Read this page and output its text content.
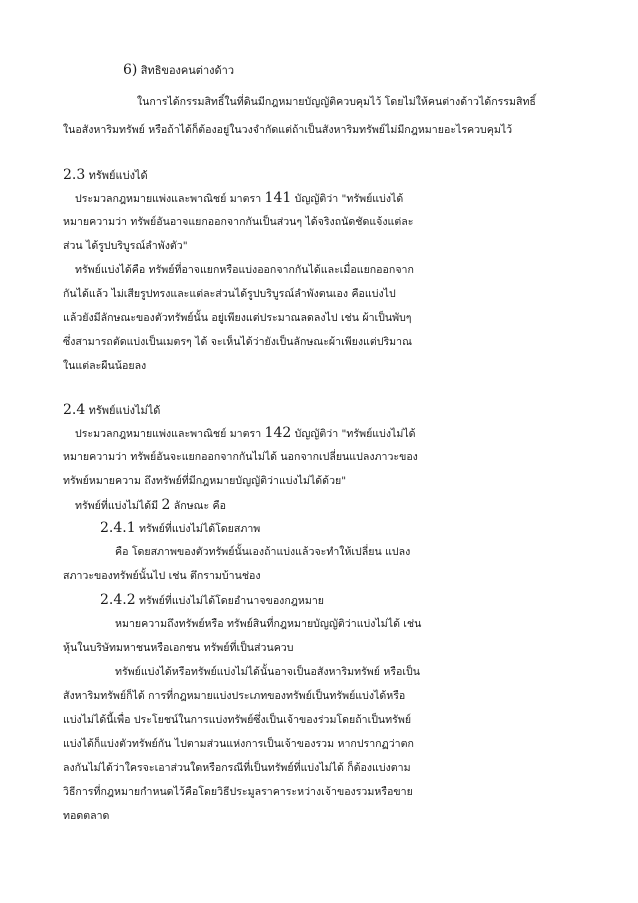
6) สิทธิของคนต่างด้าว
ในการได้กรรมสิทธิ์ในที่ดินมีกฎหมายบัญญัติควบคุมไว้ โดยไม่ให้คนต่างด้าวได้กรรมสิทธิ์
ในอสังหาริมทรัพย์ หรือถ้าได้ก็ต้องอยู่ในวงจำกัดแต่ถ้าเป็นสังหาริมทรัพย์ไม่มีกฎหมายอะไรควบคุมไว้
2.3 ทรัพย์แบ่งได้
ประมวลกฎหมายแพ่งและพาณิชย์ มาตรา 141 บัญญัติว่า "ทรัพย์แบ่งได้
หมายความว่า ทรัพย์อันอาจแยกออกจากกันเป็นส่วนๆ ได้จริงถนัดชัดแจ้งแต่ละ
ส่วน ได้รูปบริบูรณ์ลำพังตัว"
ทรัพย์แบ่งได้คือ ทรัพย์ที่อาจแยกหรือแบ่งออกจากกันได้และเมื่อแยกออกจาก
กันได้แล้ว ไม่เสียรูปทรงและแต่ละส่วนได้รูปบริบูรณ์ลำพังตนเอง คือแบ่งไป
แล้วยังมีลักษณะของตัวทรัพย์นั้น อยู่เพียงแต่ประมาณลดลงไป เช่น ผ้าเป็นพับๆ
ซึ่งสามารถตัดแบ่งเป็นเมตรๆ ได้ จะเห็นได้ว่ายังเป็นลักษณะผ้าเพียงแต่ปริมาณ
ในแต่ละผืนน้อยลง
2.4 ทรัพย์แบ่งไม่ได้
ประมวลกฎหมายแพ่งและพาณิชย์ มาตรา 142 บัญญัติว่า "ทรัพย์แบ่งไม่ได้
หมายความว่า ทรัพย์อันจะแยกออกจากกันไม่ได้ นอกจากเปลี่ยนแปลงภาวะของ
ทรัพย์หมายความ ถึงทรัพย์ที่มีกฎหมายบัญญัติว่าแบ่งไม่ได้ด้วย"
ทรัพย์ที่แบ่งไม่ได้มี 2 ลักษณะ คือ
2.4.1 ทรัพย์ที่แบ่งไม่ได้โดยสภาพ
คือ โดยสภาพของตัวทรัพย์นั้นเองถ้าแบ่งแล้วจะทำให้เปลี่ยน แปลง
สภาวะของทรัพย์นั้นไป เช่น ตึกรามบ้านช่อง
2.4.2 ทรัพย์ที่แบ่งไม่ได้โดยอำนาจของกฎหมาย
หมายความถึงทรัพย์หรือ ทรัพย์สินที่กฎหมายบัญญัติว่าแบ่งไม่ได้ เช่น
หุ้นในบริษัทมหาชนหรือเอกชน ทรัพย์ที่เป็นส่วนควบ
ทรัพย์แบ่งได้หรือทรัพย์แบ่งไม่ได้นั้นอาจเป็นอสังหาริมทรัพย์ หรือเป็น
สังหาริมทรัพย์ก็ได้ การที่กฎหมายแบ่งประเภทของทรัพย์เป็นทรัพย์แบ่งได้หรือ
แบ่งไม่ได้นี้เพื่อ ประโยชน์ในการแบ่งทรัพย์ซึ่งเป็นเจ้าของร่วมโดยถ้าเป็นทรัพย์
แบ่งได้ก็แบ่งตัวทรัพย์กัน ไปตามส่วนแห่งการเป็นเจ้าของรวม หากปรากฏว่าตก
ลงกันไม่ได้ว่าใครจะเอาส่วนใดหรือกรณีที่เป็นทรัพย์ที่แบ่งไม่ได้ ก็ต้องแบ่งตาม
วิธีการที่กฎหมายกำหนดไว้คือโดยวิธีประมูลราคาระหว่างเจ้าของรวมหรือขาย
ทอดตลาด
